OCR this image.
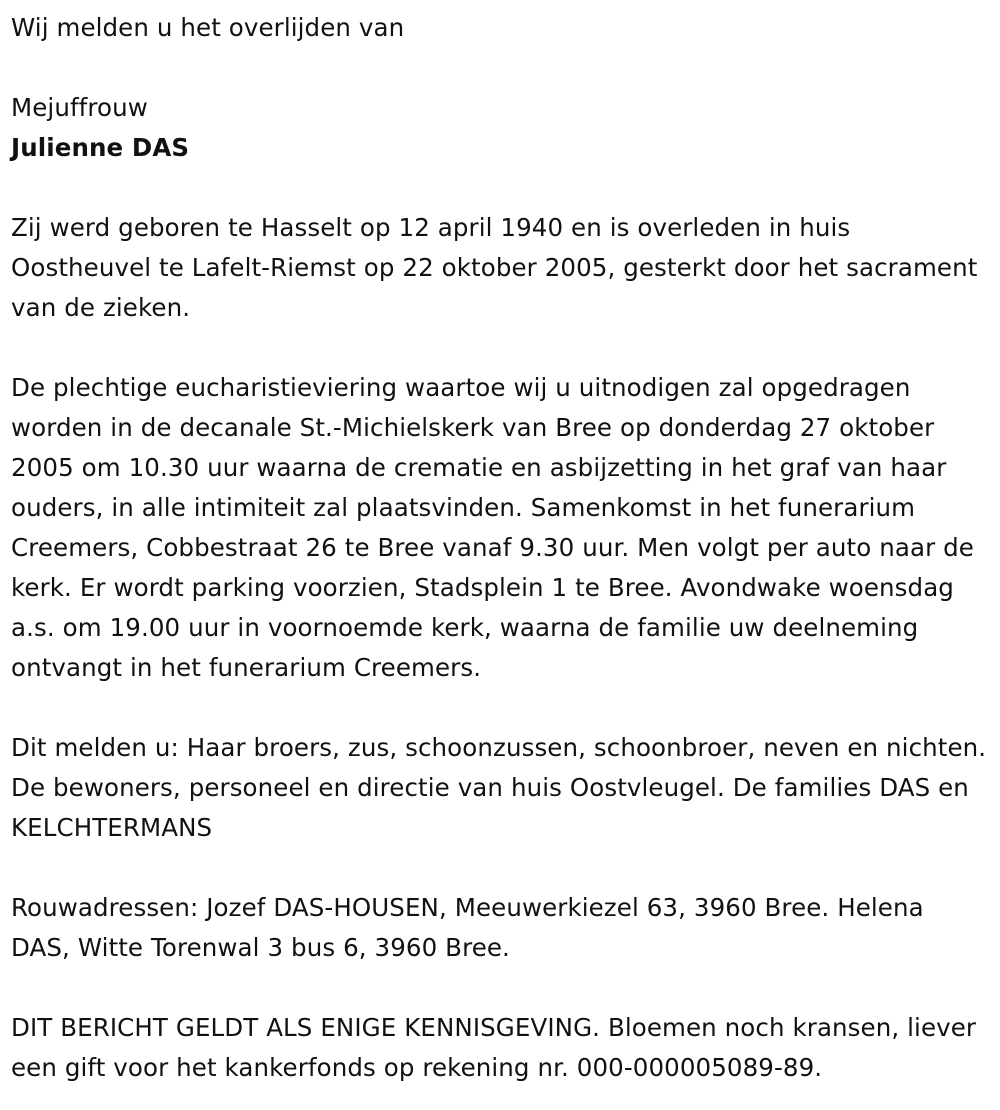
Wij melden u het overlijden van

Mejuffrouw

Julienne DAS

Zij werd geboren te Hasselt op 12 april 1940 en is overleden in huis Oostheuvel te Lafelt-Riemst op 22 oktober 2005, gesterkt door het sacrament van de zieken.

De plechtige eucharistieviering waartoe wij u uitnodigen zal opgedragen worden in de decanale St.-Michielskerk van Bree op donderdag 27 oktober 2005 om 10.30 uur waarna de crematie en asbijzetting in het graf van haar ouders, in alle intimiteit zal plaatsvinden. Samenkomst in het funerarium Creemers, Cobbestraat 26 te Bree vanaf 9.30 uur. Men volgt per auto naar de kerk. Er wordt parking voorzien, Stadsplein 1 te Bree. Avondwake woensdag a.s. om 19.00 uur in voornoemde kerk, waarna de familie uw deelneming ontvangt in het funerarium Creemers.

Dit melden u: Haar broers, zus, schoonzussen, schoonbroer, neven en nichten. De bewoners, personeel en directie van huis Oostvleugel. De families DAS en KELCHTERMANS

Rouwadressen: Jozef DAS-HOUSEN, Meeuwerkiezel 63, 3960 Bree. Helena DAS, Witte Torenwal 3 bus 6, 3960 Bree.

DIT BERICHT GELDT ALS ENIGE KENNISGEVING. Bloemen noch kransen, liever een gift voor het kankerfonds op rekening nr. 000-000005089-89.
